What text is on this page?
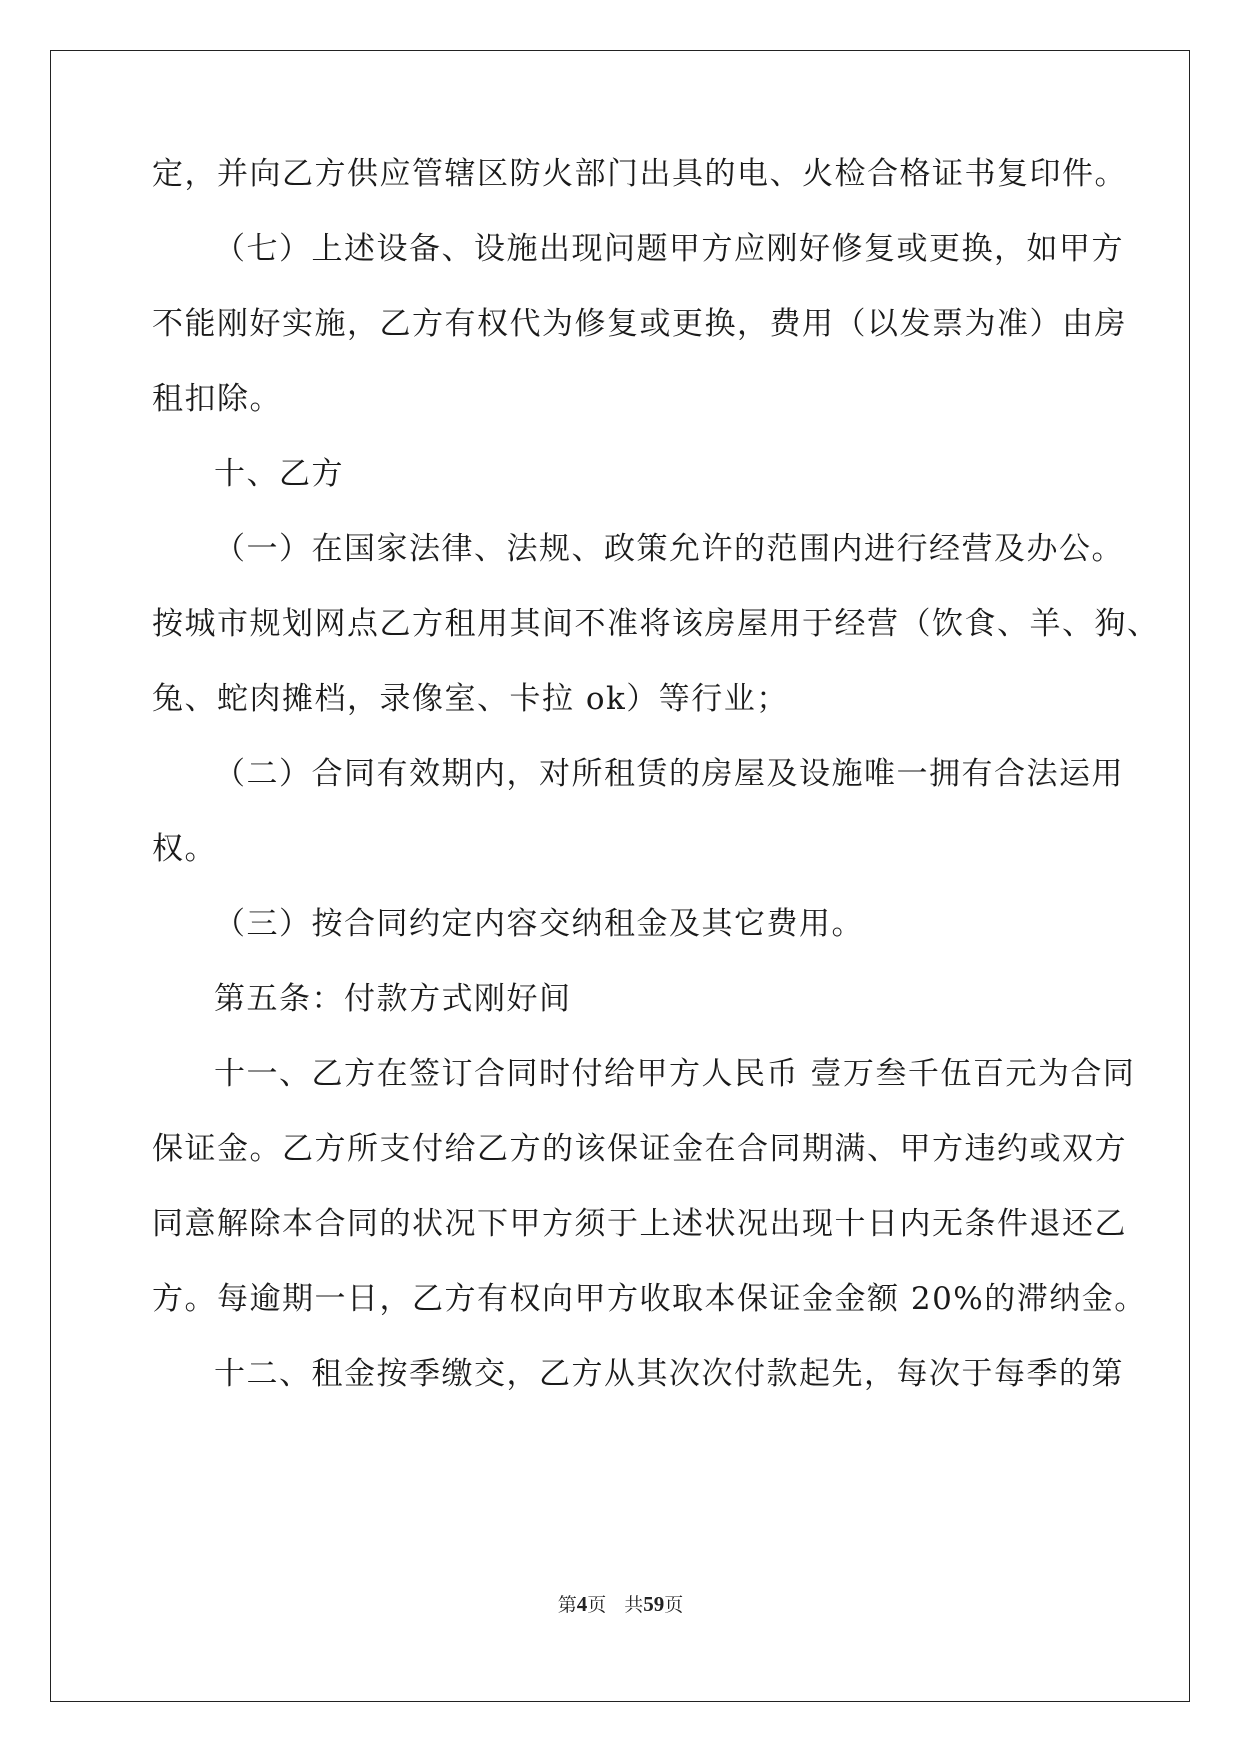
定，并向乙方供应管辖区防火部门出具的电、火检合格证书复印件。
（七）上述设备、设施出现问题甲方应刚好修复或更换，如甲方
不能刚好实施，乙方有权代为修复或更换，费用（以发票为准）由房
租扣除。
十、乙方
（一）在国家法律、法规、政策允许的范围内进行经营及办公。
按城市规划网点乙方租用其间不准将该房屋用于经营（饮食、羊、狗、
兔、蛇肉摊档，录像室、卡拉 ok）等行业；
（二）合同有效期内，对所租赁的房屋及设施唯一拥有合法运用
权。
（三）按合同约定内容交纳租金及其它费用。
第五条：付款方式刚好间
十一、乙方在签订合同时付给甲方人民币 壹万叁千伍百元为合同
保证金。乙方所支付给乙方的该保证金在合同期满、甲方违约或双方
同意解除本合同的状况下甲方须于上述状况出现十日内无条件退还乙
方。每逾期一日，乙方有权向甲方收取本保证金金额 20%的滞纳金。
十二、租金按季缴交，乙方从其次次付款起先，每次于每季的第
第4页 共59页
